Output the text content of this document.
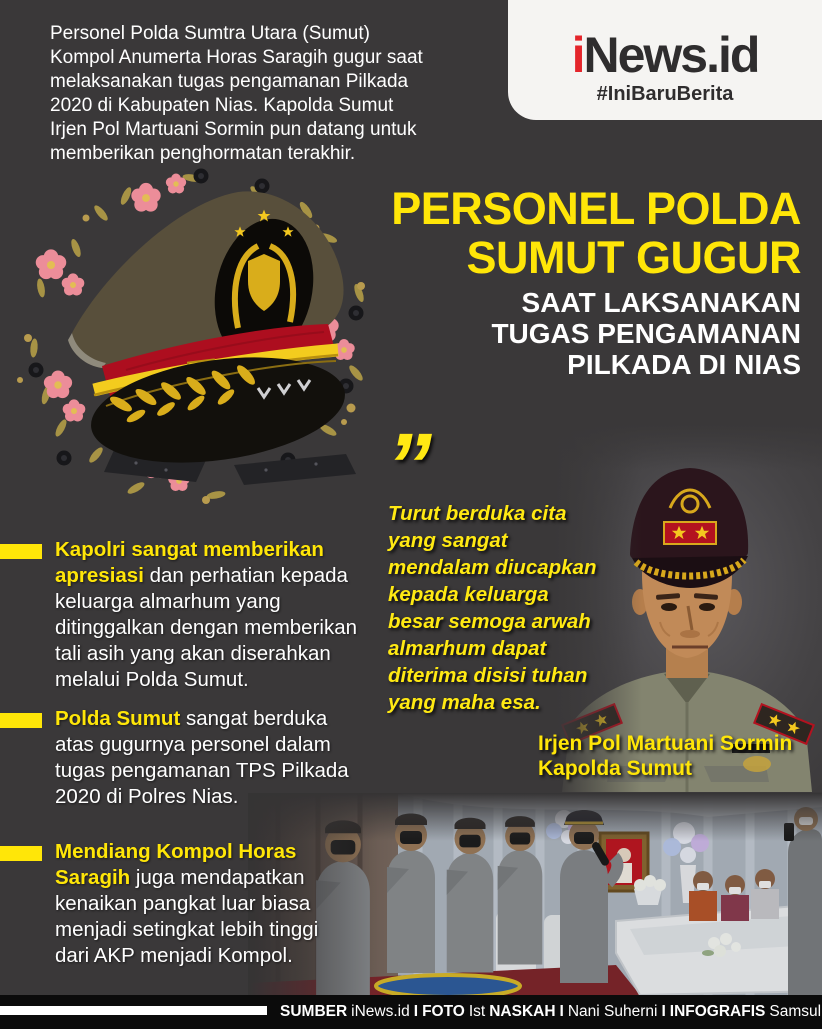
Personel Polda Sumtra Utara (Sumut)
Kompol Anumerta Horas Saragih gugur saat
melaksanakan tugas pengamanan Pilkada
2020 di Kabupaten Nias. Kapolda Sumut
Irjen Pol Martuani Sormin pun datang untuk
memberikan penghormatan terakhir.
iNews.id
#IniBaruBerita
PERSONEL POLDA
SUMUT GUGUR
SAAT LAKSANAKAN
TUGAS PENGAMANAN
PILKADA DI NIAS
”
Turut berduka cita
yang sangat
mendalam diucapkan
kepada keluarga
besar semoga arwah
almarhum dapat
diterima disisi tuhan
yang maha esa.
Irjen Pol Martuani Sormin
Kapolda Sumut
Kapolri sangat memberikan apresiasi dan perhatian kepada keluarga almarhum yang ditinggalkan dengan memberikan tali asih yang akan diserahkan melalui Polda Sumut.
Polda Sumut sangat berduka atas gugurnya personel dalam tugas pengamanan TPS Pilkada 2020 di Polres Nias.
Mendiang Kompol Horas Saragih juga mendapatkan kenaikan pangkat luar biasa menjadi setingkat lebih tinggi dari AKP menjadi Kompol.
SUMBER iNews.id I FOTO Ist NASKAH I Nani Suherni I INFOGRAFIS Samsul
